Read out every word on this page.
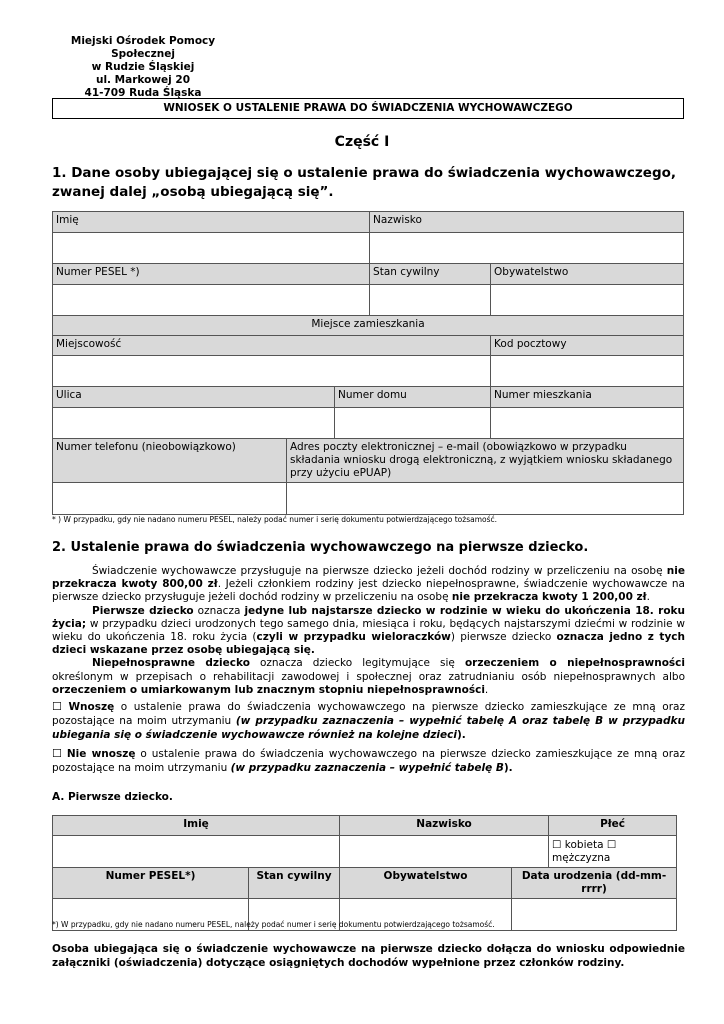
Miejski Ośrodek Pomocy Społecznej
w Rudzie Śląskiej
ul. Markowej 20
41-709 Ruda Śląska
WNIOSEK O USTALENIE PRAWA DO ŚWIADCZENIA WYCHOWAWCZEGO
Część I
1. Dane osoby ubiegającej się o ustalenie prawa do świadczenia wychowawczego, zwanej dalej „osobą ubiegającą się”.
Imię			Nazwisko	

Numer PESEL *)			Stan cywilny	Obywatelstwo

Miejsce zamieszkania				
Miejscowość				Kod pocztowy

Ulica		Numer domu		Numer mieszkania

Numer telefonu (nieobowiązkowo)	Adres poczty elektronicznej – e-mail (obowiązkowo w przypadku składania wniosku drogą elektroniczną, z wyjątkiem wniosku składanego przy użyciu ePUAP)			

* ) W przypadku, gdy nie nadano numeru PESEL, należy podać numer i serię dokumentu potwierdzającego tożsamość.
2. Ustalenie prawa do świadczenia wychowawczego na pierwsze dziecko.

Świadczenie wychowawcze przysługuje na pierwsze dziecko jeżeli dochód rodziny w przeliczeniu na osobę nie przekracza kwoty 800,00 zł. Jeżeli członkiem rodziny jest dziecko niepełnosprawne, świadczenie wychowawcze na pierwsze dziecko przysługuje jeżeli dochód rodziny w przeliczeniu na osobę nie przekracza kwoty 1 200,00 zł.

Pierwsze dziecko oznacza jedyne lub najstarsze dziecko w rodzinie w wieku do ukończenia 18. roku życia; w przypadku dzieci urodzonych tego samego dnia, miesiąca i roku, będących najstarszymi dziećmi w rodzinie w wieku do ukończenia 18. roku życia (czyli w przypadku wieloraczków) pierwsze dziecko oznacza jedno z tych dzieci wskazane przez osobę ubiegającą się.

Niepełnosprawne dziecko oznacza dziecko legitymujące się orzeczeniem o niepełnosprawności określonym w przepisach o rehabilitacji zawodowej i społecznej oraz zatrudnianiu osób niepełnosprawnych albo orzeczeniem o umiarkowanym lub znacznym stopniu niepełnosprawności.

☐ Wnoszę o ustalenie prawa do świadczenia wychowawczego na pierwsze dziecko zamieszkujące ze mną oraz pozostające na moim utrzymaniu (w przypadku zaznaczenia – wypełnić tabelę A oraz tabelę B w przypadku ubiegania się o świadczenie wychowawcze również na kolejne dzieci).
☐ Nie wnoszę o ustalenie prawa do świadczenia wychowawczego na pierwsze dziecko zamieszkujące ze mną oraz pozostające na moim utrzymaniu (w przypadku zaznaczenia – wypełnić tabelę B).
A. Pierwsze dziecko.
Imię		Nazwisko		Płeć
				☐ kobieta ☐ mężczyzna
Numer PESEL*)	Stan cywilny	Obywatelstwo	Data urodzenia (dd-mm-rrrr)	

*) W przypadku, gdy nie nadano numeru PESEL, należy podać numer i serię dokumentu potwierdzającego tożsamość.
Osoba ubiegająca się o świadczenie wychowawcze na pierwsze dziecko dołącza do wniosku odpowiednie załączniki (oświadczenia) dotyczące osiągniętych dochodów wypełnione przez członków rodziny.
